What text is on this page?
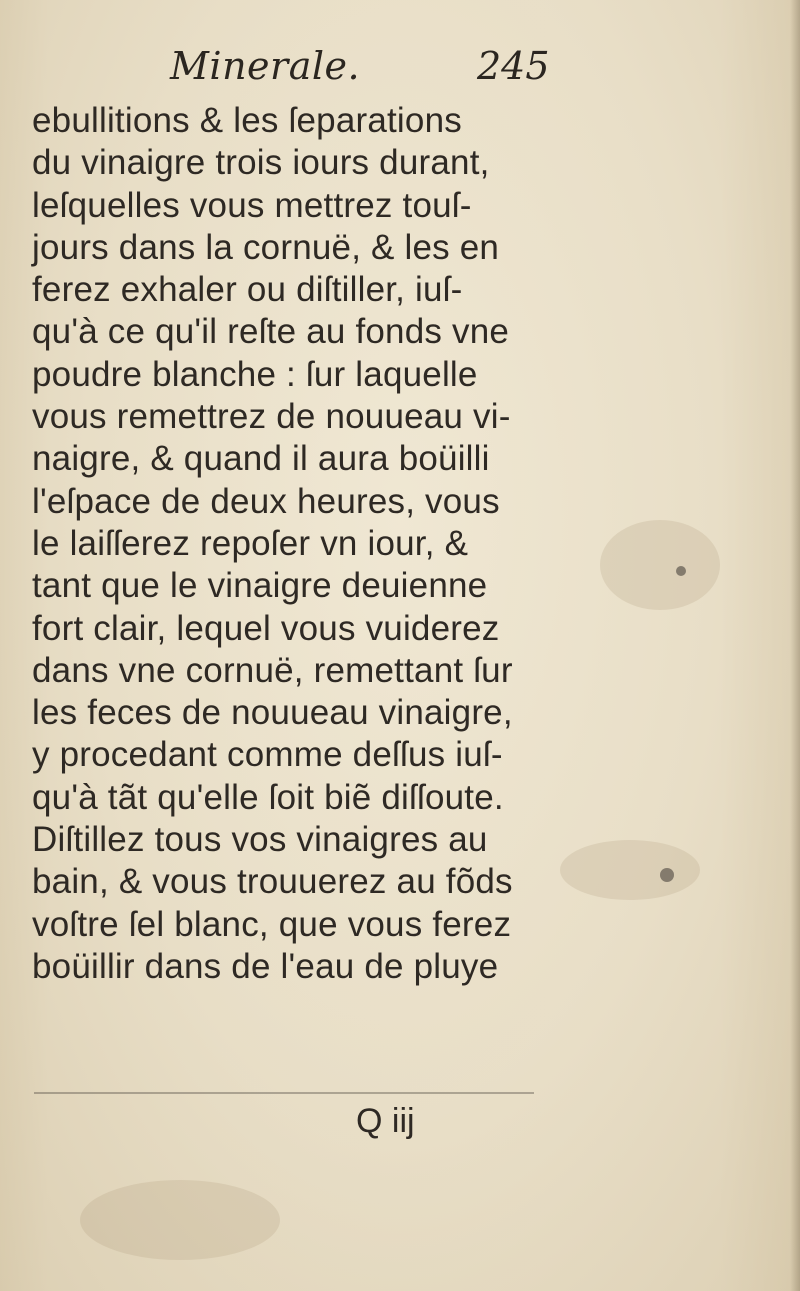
Minerale.	245
ebullitions & les ſeparations
du vinaigre trois iours durant,
leſquelles vous mettrez touſ-
jours dans la cornuë, & les en
ferez exhaler ou diſtiller, iuſ-
qu'à ce qu'il reſte au fonds vne
poudre blanche : ſur laquelle
vous remettrez de nouueau vi-
naigre, & quand il aura boüilli
l'eſpace de deux heures, vous
le laiſſerez repoſer vn iour, &
tant que le vinaigre deuienne
fort clair, lequel vous vuiderez
dans vne cornuë, remettant ſur
les feces de nouueau vinaigre,
y procedant comme deſſus iuſ-
qu'à tãt qu'elle ſoit biẽ diſſoute.
Diſtillez tous vos vinaigres au
bain, & vous trouuerez au fõds
voſtre ſel blanc, que vous ferez
boüillir dans de l'eau de pluye
Q iij
